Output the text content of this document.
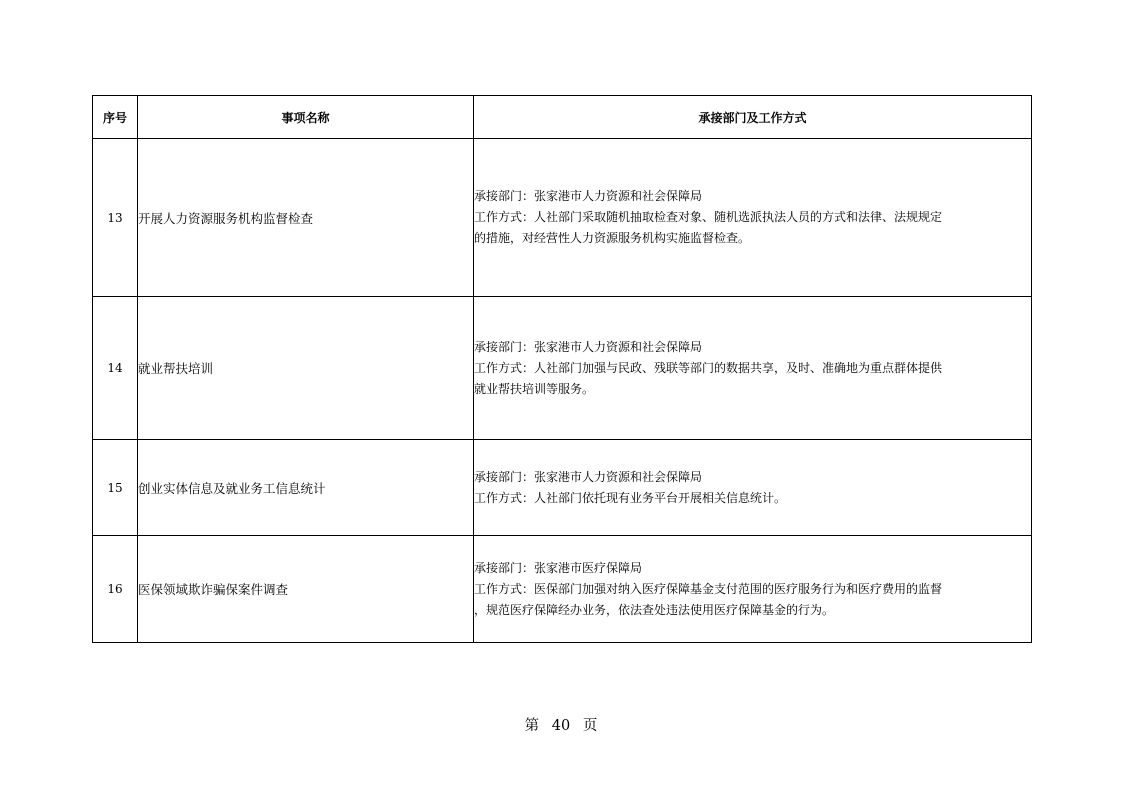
序号	事项名称	承接部门及工作方式
13	开展人力资源服务机构监督检查	承接部门：张家港市人力资源和社会保障局
工作方式：人社部门采取随机抽取检查对象、随机选派执法人员的方式和法律、法规规定
的措施，对经营性人力资源服务机构实施监督检查。

14	就业帮扶培训	承接部门：张家港市人力资源和社会保障局
工作方式：人社部门加强与民政、残联等部门的数据共享，及时、准确地为重点群体提供
就业帮扶培训等服务。

15	创业实体信息及就业务工信息统计	承接部门：张家港市人力资源和社会保障局
工作方式：人社部门依托现有业务平台开展相关信息统计。

16	医保领域欺诈骗保案件调查	承接部门：张家港市医疗保障局
工作方式：医保部门加强对纳入医疗保障基金支付范围的医疗服务行为和医疗费用的监督
，规范医疗保障经办业务，依法查处违法使用医疗保障基金的行为。
第 40 页
